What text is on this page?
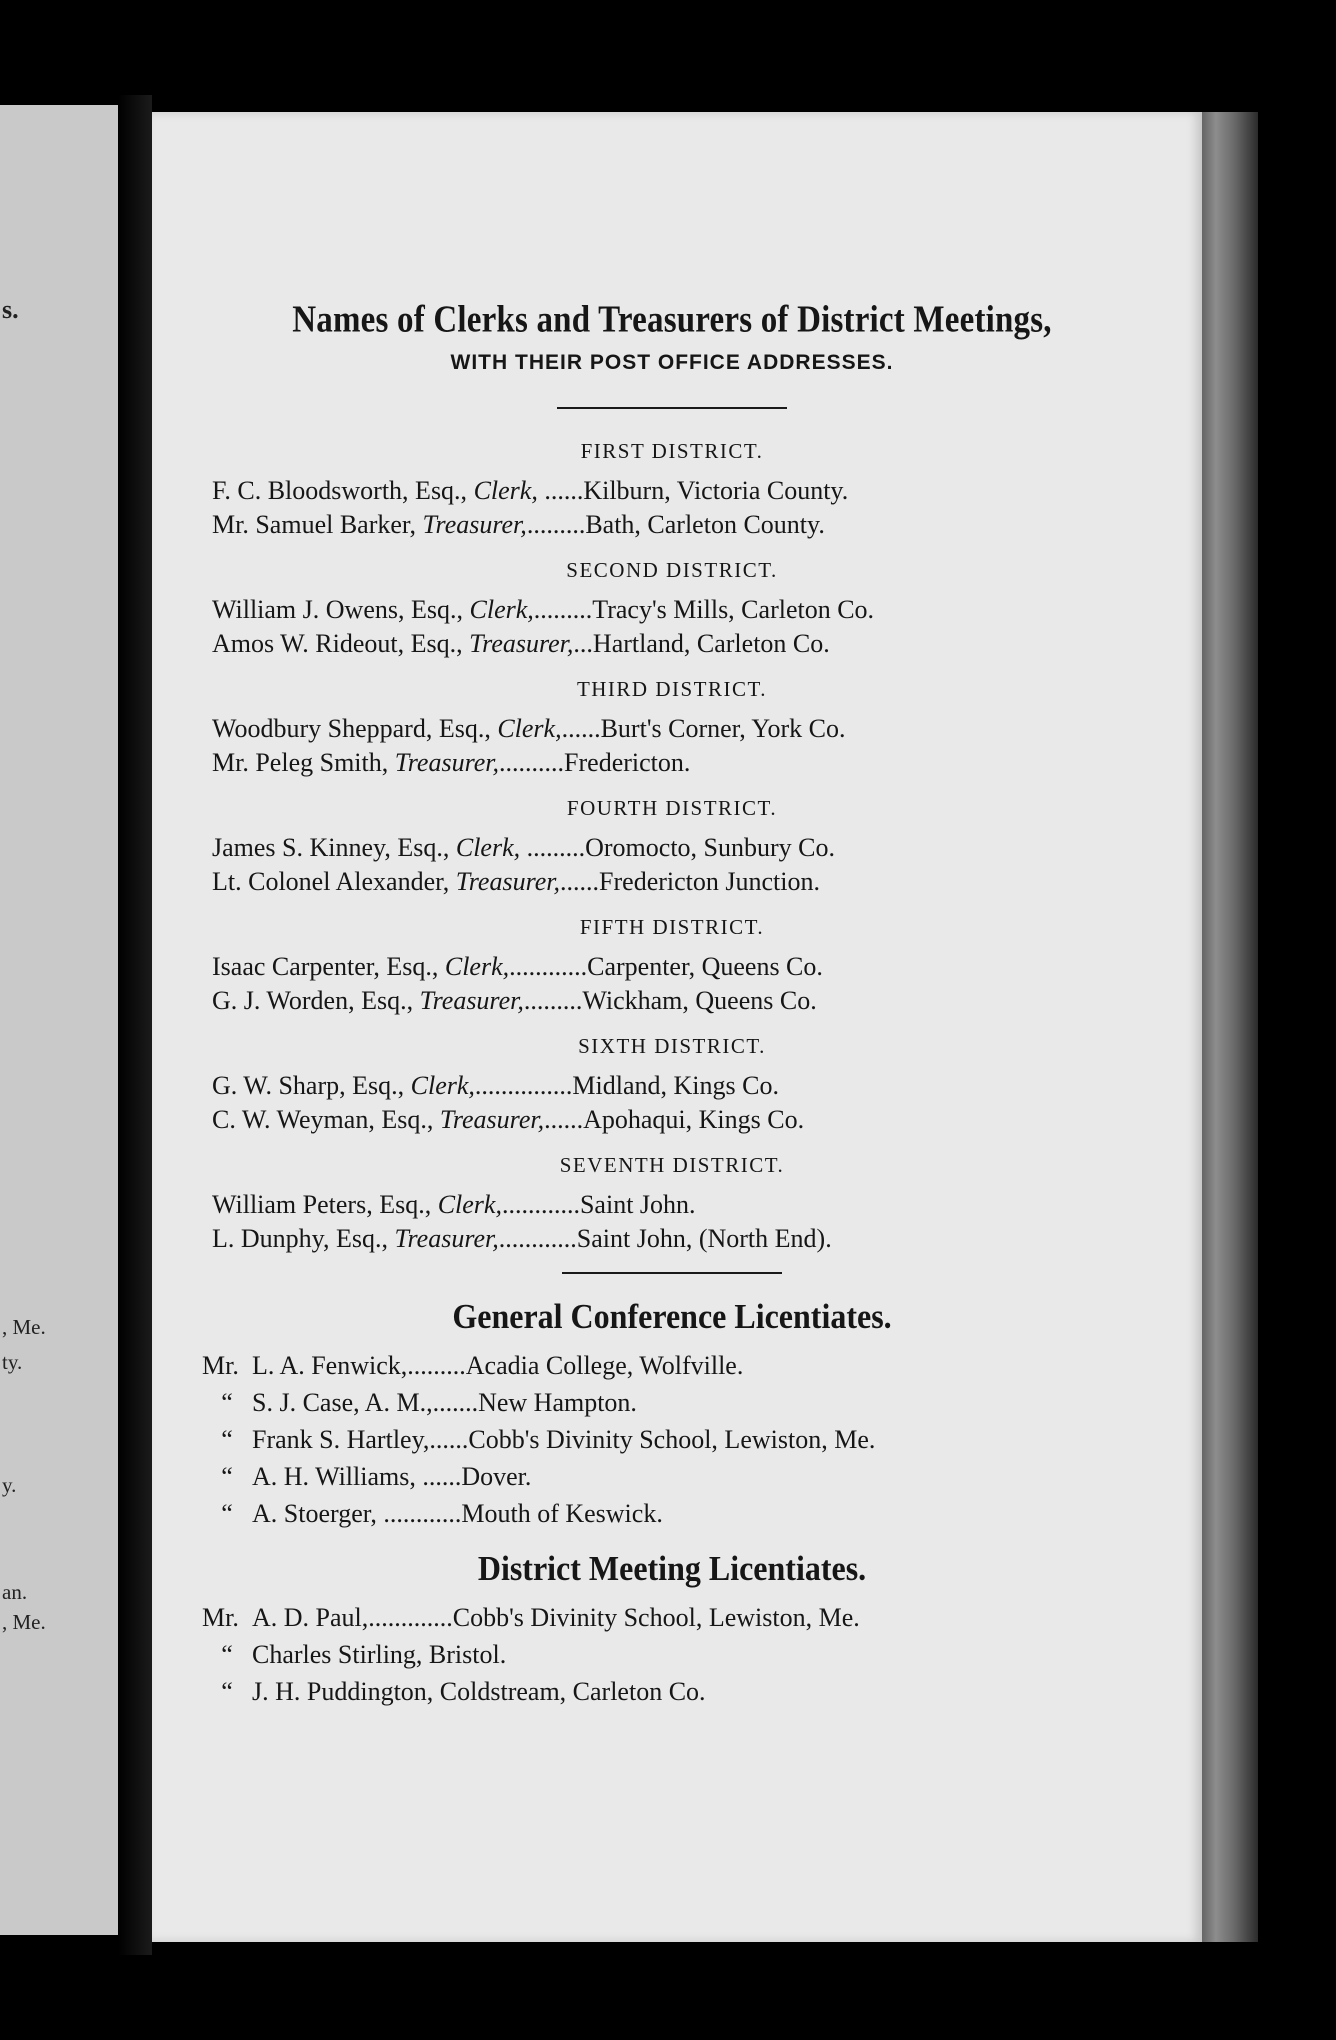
s.
, Me.
ty.
y.
an.
, Me.
Names of Clerks and Treasurers of District Meetings,
WITH THEIR POST OFFICE ADDRESSES.
FIRST DISTRICT.
F. C. Bloodsworth, Esq., Clerk, ......Kilburn, Victoria County.
Mr. Samuel Barker, Treasurer,.........Bath, Carleton County.
SECOND DISTRICT.
William J. Owens, Esq., Clerk,.........Tracy's Mills, Carleton Co.
Amos W. Rideout, Esq., Treasurer,...Hartland, Carleton Co.
THIRD DISTRICT.
Woodbury Sheppard, Esq., Clerk,......Burt's Corner, York Co.
Mr. Peleg Smith, Treasurer,..........Fredericton.
FOURTH DISTRICT.
James S. Kinney, Esq., Clerk, .........Oromocto, Sunbury Co.
Lt. Colonel Alexander, Treasurer,......Fredericton Junction.
FIFTH DISTRICT.
Isaac Carpenter, Esq., Clerk,............Carpenter, Queens Co.
G. J. Worden, Esq., Treasurer,.........Wickham, Queens Co.
SIXTH DISTRICT.
G. W. Sharp, Esq., Clerk,...............Midland, Kings Co.
C. W. Weyman, Esq., Treasurer,......Apohaqui, Kings Co.
SEVENTH DISTRICT.
William Peters, Esq., Clerk,............Saint John.
L. Dunphy, Esq., Treasurer,............Saint John, (North End).
General Conference Licentiates.
Mr. L. A. Fenwick,.........Acadia College, Wolfville.
“ S. J. Case, A. M.,.......New Hampton.
“ Frank S. Hartley,......Cobb's Divinity School, Lewiston, Me.
“ A. H. Williams, ......Dover.
“ A. Stoerger, ............Mouth of Keswick.
District Meeting Licentiates.
Mr. A. D. Paul,.............Cobb's Divinity School, Lewiston, Me.
“ Charles Stirling, Bristol.
“ J. H. Puddington, Coldstream, Carleton Co.
